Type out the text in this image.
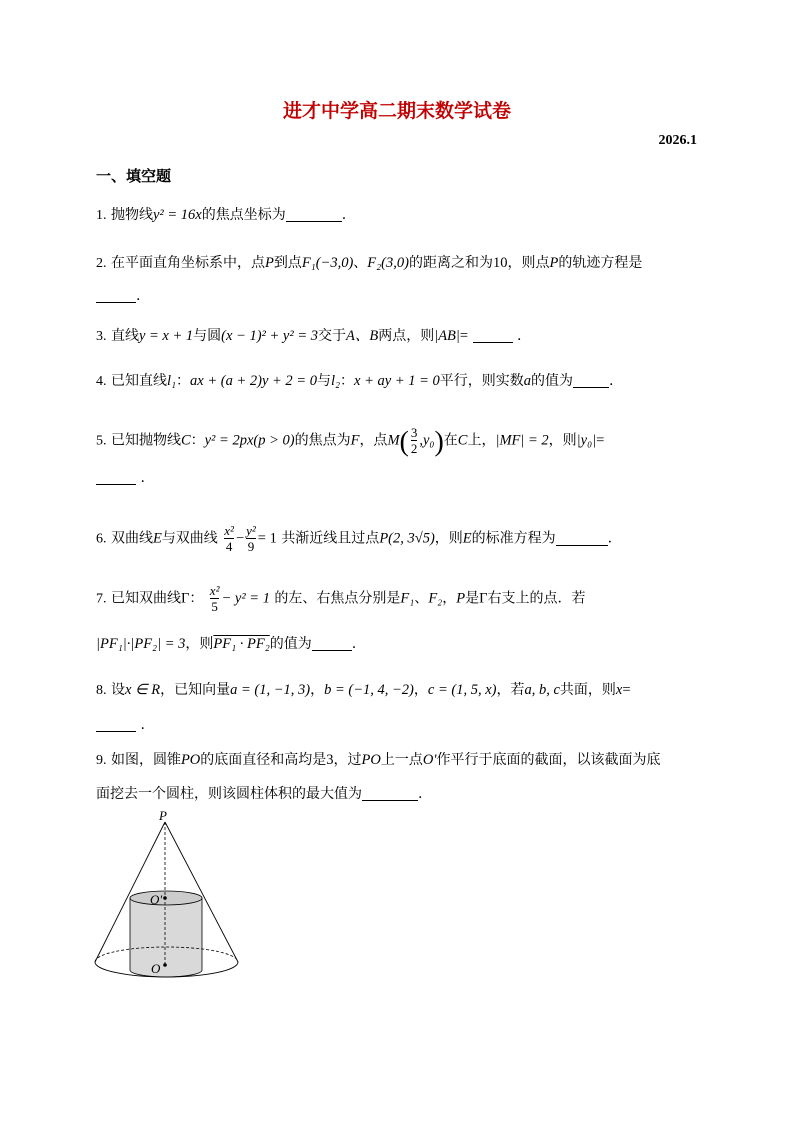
进才中学高二期末数学试卷
2026.1
一、填空题
1. 抛物线y² = 16x的焦点坐标为	.
2. 在平面直角坐标系中，点P到点F₁(−3,0)、F₂(3,0)的距离之和为10，则点P的轨迹方程是
.
3. 直线y = x + 1与圆(x − 1)² + y² = 3交于A、B两点，则|AB|=	.
4. 已知直线l₁：ax + (a + 2)y + 2 = 0与l₂：x + ay + 1 = 0平行，则实数a的值为	.
5. 已知抛物线C：y² = 2px(p > 0)的焦点为F，点$M( \frac{3}{2} ,y_0)$在C上，|MF| = 2，则|y₀|=
.
6. 双曲线E与双曲线 $\frac{\text{x²}}{4} - \frac{\text{y²}}{9} = 1$ 共渐近线且过点P(2, 3√5)，则E的标准方程为	.
7. 已知双曲线Γ： $\frac{\text{x²}}{5} - y^2 = 1$ 的左、右焦点分别是F₁、F₂，P是Γ右支上的点．若
|PF₁|·|PF₂| = 3，则PF₁ · PF₂的值为	.
8. 设x ∈ R，已知向量a = (1, −1, 3)，b = (−1, 4, −2)，c = (1, 5, x)，若a, b, c共面，则x=
.
9. 如图，圆锥PO的底面直径和高均是3，过PO上一点O′作平行于底面的截面，以该截面为底
面挖去一个圆柱，则该圆柱体积的最大值为	.
P
O′
O
